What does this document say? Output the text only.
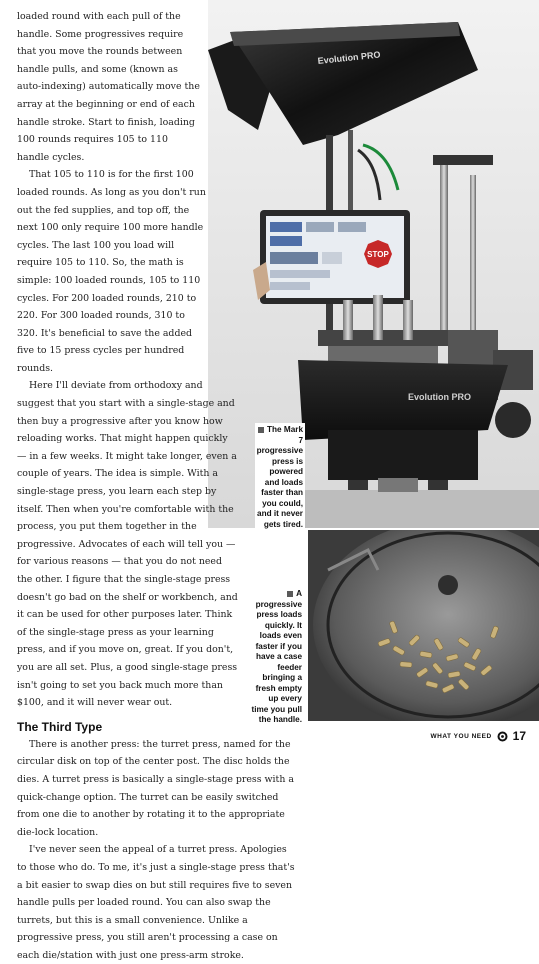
Evolution PRO
STOP
Evolution PRO

loaded round with each pull of the handle. Some progressives require that you move the rounds between handle pulls, and some (known as auto-indexing) automatically move the array at the beginning or end of each handle stroke. Start to finish, loading 100 rounds requires 105 to 110 handle cycles.

That 105 to 110 is for the first 100 loaded rounds. As long as you don't run out the fed supplies, and top off, the next 100 only require 100 more handle cycles. The last 100 you load will require 105 to 110. So, the math is simple: 100 loaded rounds, 105 to 110 cycles. For 200 loaded rounds, 210 to 220. For 300 loaded rounds, 310 to 320. It's beneficial to save the added five to 15 press cycles per hundred rounds.

Here I'll deviate from orthodoxy and suggest that you start with a single-stage and then buy a progressive after you know how reloading works. That might happen quickly — in a few weeks. It might take longer, even a couple of years. The idea is simple. With a single-stage press, you learn each step by itself. Then when you're comfortable with the process, you put them together in the progressive. Advocates of each will tell you — for various reasons — that you do not need the other. I figure that the single-stage press doesn't go bad on the shelf or workbench, and it can be used for other purposes later. Think of the single-stage press as your learning press, and if you move on, great. If you don't, you are all set. Plus, a good single-stage press isn't going to set you back much more than $100, and it will never wear out.

The Third Type

There is another press: the turret press, named for the circular disk on top of the center post. The disc holds the dies. A turret press is basically a single-stage press with a quick-change option. The turret can be easily switched from one die to another by rotating it to the appropriate die-lock location.

I've never seen the appeal of a turret press. Apologies to those who do. To me, it's just a single-stage press that's a bit easier to swap dies on but still requires five to seven handle pulls per loaded round. You can also swap the turrets, but this is a small convenience. Unlike a progressive press, you still aren't processing a case on each die/station with just one press-arm stroke.

The Mark 7 progressive press is powered and loads faster than you could, and it never gets tired.
A progressive press loads quickly. It loads even faster if you have a case feeder bringing a fresh empty up every time you pull the handle.
WHAT YOU NEED 17
